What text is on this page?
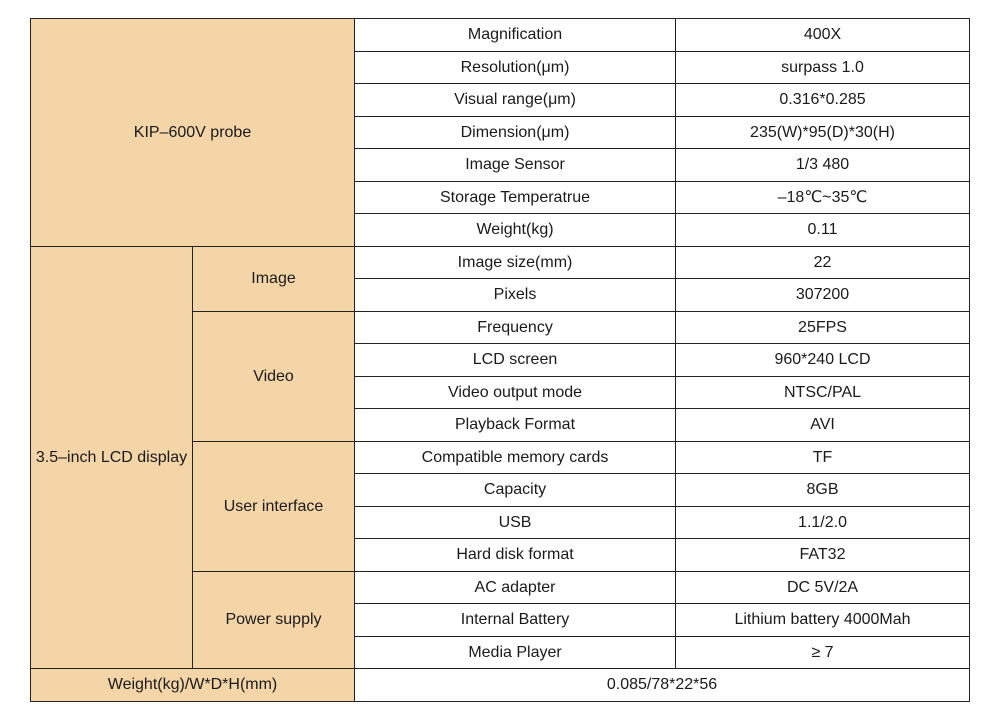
KIP–600V probe		Magnification	400X
		Resolution(μm)	surpass 1.0
		Visual range(μm)	0.316*0.285
		Dimension(μm)	235(W)*95(D)*30(H)
		Image Sensor	1/3 480
		Storage Temperatrue	–18℃~35℃
		Weight(kg)	0.11
3.5–inch LCD display	Image	Image size(mm)	22
		Pixels	307200
	Video	Frequency	25FPS
		LCD screen	960*240 LCD
		Video output mode	NTSC/PAL
		Playback Format	AVI
	User interface	Compatible memory cards	TF
		Capacity	8GB
		USB	1.1/2.0
		Hard disk format	FAT32
	Power supply	AC adapter	DC 5V/2A
		Internal Battery	Lithium battery 4000Mah
		Media Player	≥ 7
Weight(kg)/W*D*H(mm)		0.085/78*22*56	
